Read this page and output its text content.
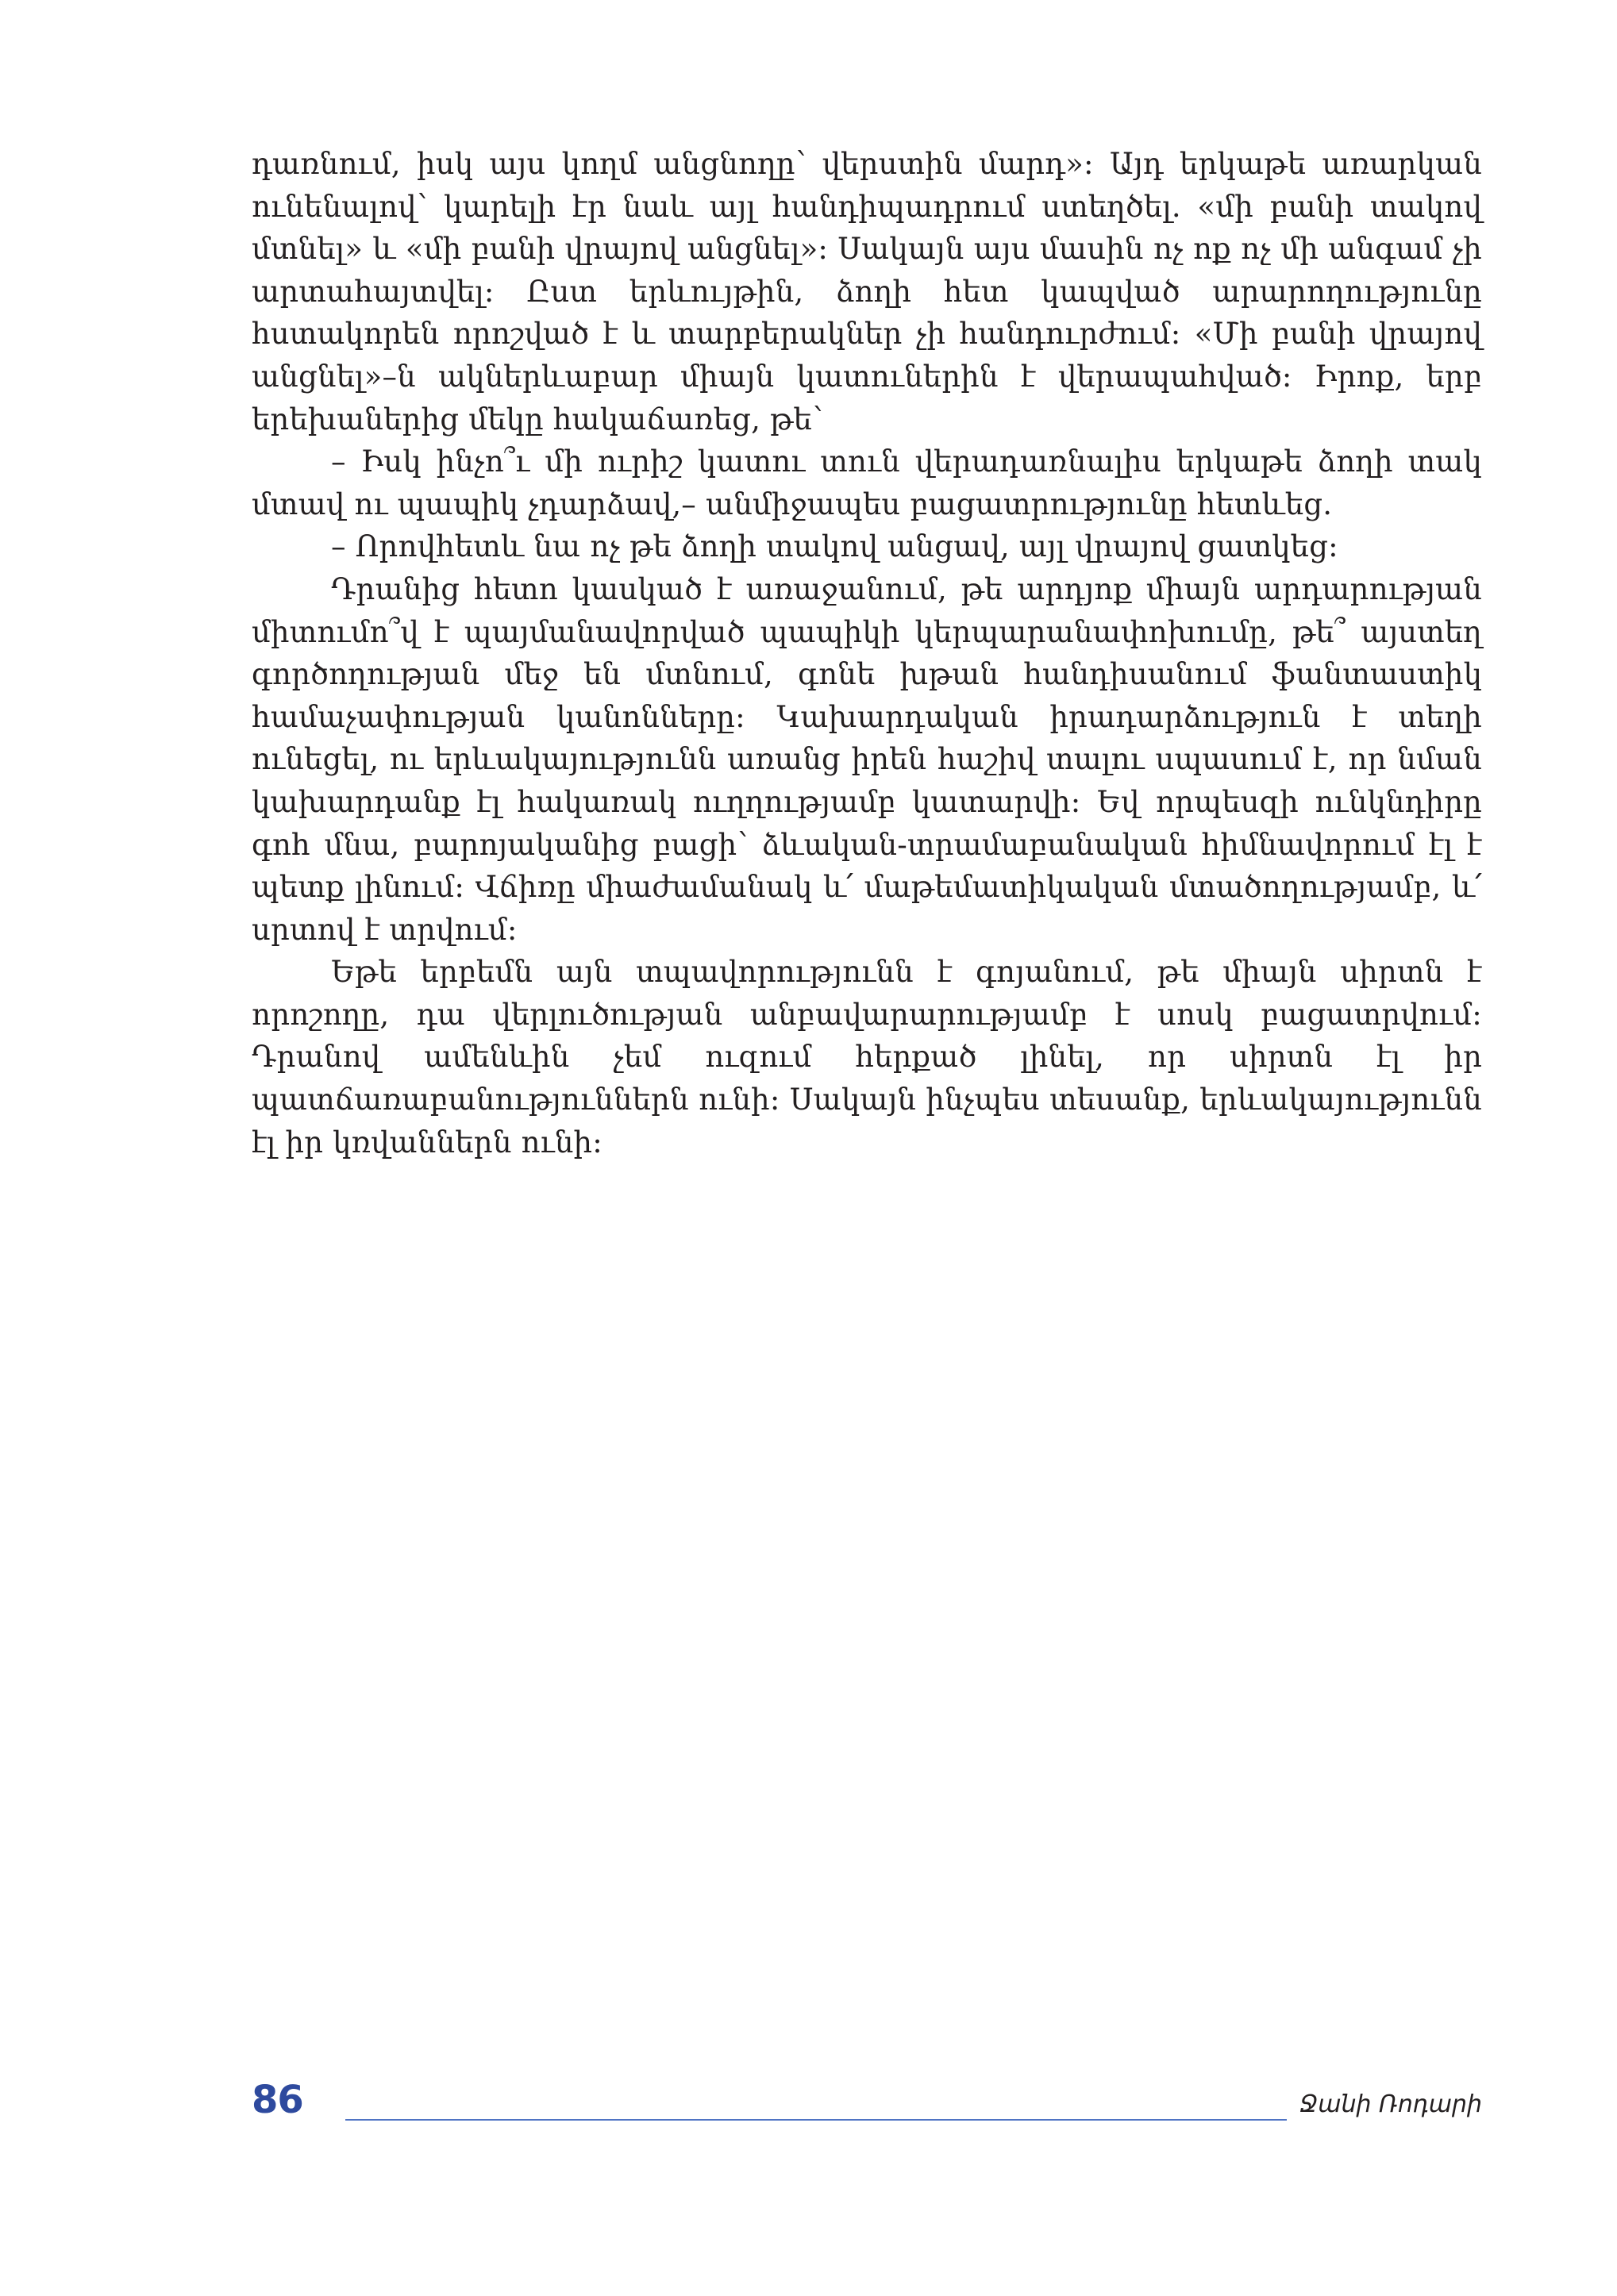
դառնում, իսկ այս կողմ անցնողը՝ վերստին մարդ»։ Այդ երկաթե առարկան ունենալով՝ կարելի էր նաև այլ հանդիպադրում ստեղծել. «մի բանի տակով մտնել» և «մի բանի վրայով անցնել»։ Սակայն այս մասին ոչ ոք ոչ մի անգամ չի արտահայտվել։ Ըստ երևույթին, ձողի հետ կապված արարողությունը հստակորեն որոշված է և տարբերակներ չի հանդուրժում։ «Մի բանի վրայով անցնել»–ն ակներևաբար միայն կատուներին է վերապահված։ Իրոք, երբ երեխաներից մեկը հակաճառեց, թե՝

– Իսկ ինչո՞ւ մի ուրիշ կատու տուն վերադառնալիս երկաթե ձողի տակ մտավ ու պապիկ չդարձավ,– անմիջապես բացատրությունը հետևեց.

– Որովհետև նա ոչ թե ձողի տակով անցավ, այլ վրայով ցատկեց։

Դրանից հետո կասկած է առաջանում, թե արդյոք միայն արդարության միտումո՞վ է պայմանավորված պապիկի կերպարանափոխումը, թե՞ այստեղ գործողության մեջ են մտնում, գոնե խթան հանդիսանում ֆանտաստիկ համաչափության կանոնները։ Կախարդական իրադարձություն է տեղի ունեցել, ու երևակայությունն առանց իրեն հաշիվ տալու սպասում է, որ նման կախարդանք էլ հակառակ ուղղությամբ կատարվի։ Եվ որպեսզի ունկնդիրը գոհ մնա, բարոյականից բացի՝ ձևական-տրամաբանական հիմնավորում էլ է պետք լինում։ Վճիռը միաժամանակ և՛ մաթեմատիկական մտածողությամբ, և՛ սրտով է տրվում։

Եթե երբեմն այն տպավորությունն է գոյանում, թե միայն սիրտն է որոշողը, դա վերլուծության անբավարարությամբ է սոսկ բացատրվում։ Դրանով ամենևին չեմ ուզում հերքած լինել, որ սիրտն էլ իր պատճառաբանություններն ունի։ Սակայն ինչպես տեսանք, երևակայությունն էլ իր կռվաններն ունի։

86	Ջանի Ռոդարի
